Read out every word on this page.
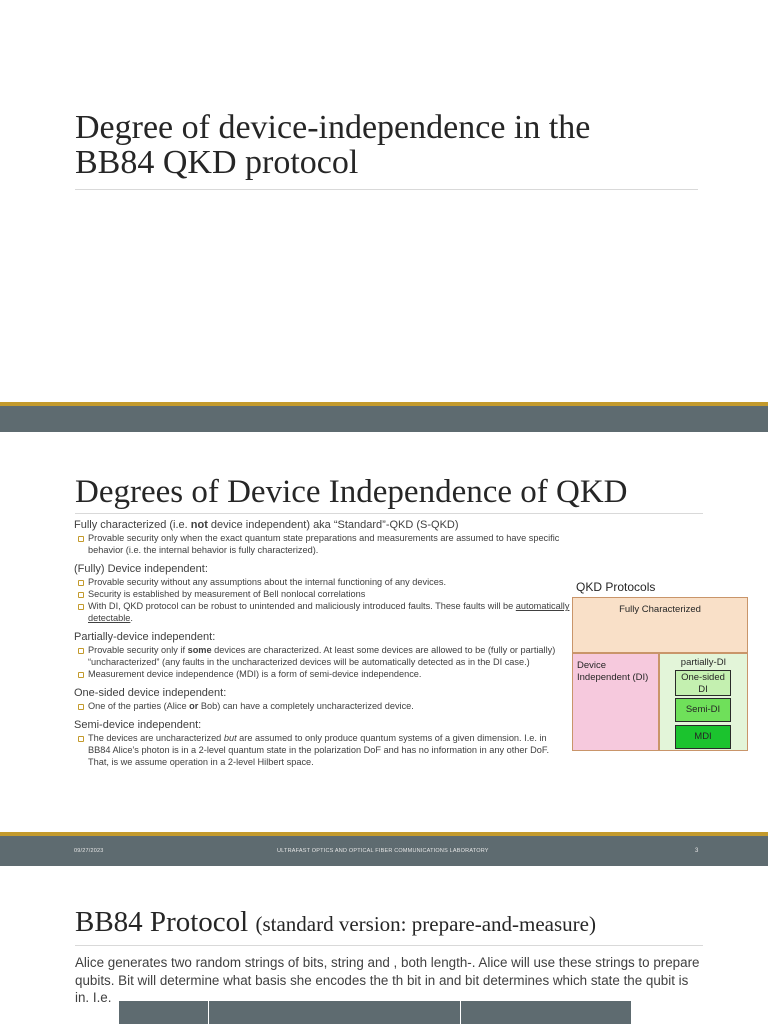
Degree of device-independence in the
BB84 QKD protocol
Degrees of Device Independence of QKD
Fully characterized (i.e. not device independent) aka “Standard”-QKD (S-QKD)
Provable security only when the exact quantum state preparations and measurements are assumed to have specific behavior (i.e. the internal behavior is fully characterized).
(Fully) Device independent:
Provable security without any assumptions about the internal functioning of any devices.
Security is established by measurement of Bell nonlocal correlations
With DI, QKD protocol can be robust to unintended and maliciously introduced faults. These faults will be automatically detectable.
Partially-device independent:
Provable security only if some devices are characterized. At least some devices are allowed to be (fully or partially) “uncharacterized” (any faults in the uncharacterized devices will be automatically detected as in the DI case.)
Measurement device independence (MDI) is a form of semi-device independence.
One-sided device independent:
One of the parties (Alice or Bob) can have a completely uncharacterized device.
Semi-device independent:
The devices are uncharacterized but are assumed to only produce quantum systems of a given dimension. I.e. in BB84 Alice’s photon is in a 2-level quantum state in the polarization DoF and has no information in any other DoF. That, is we assume operation in a 2-level Hilbert space.
QKD Protocols
Fully Characterized
Device Independent (DI)
partially-DI
One-sided DI
Semi-DI
MDI
09/27/2023	ULTRAFAST OPTICS AND OPTICAL FIBER COMMUNICATIONS LABORATORY	3
BB84 Protocol (standard version: prepare-and-measure)
Alice generates two random strings of bits, string and , both length-. Alice will use these strings to prepare qubits. Bit will determine what basis she encodes the th bit in and bit determines which state the qubit is in. I.e.
